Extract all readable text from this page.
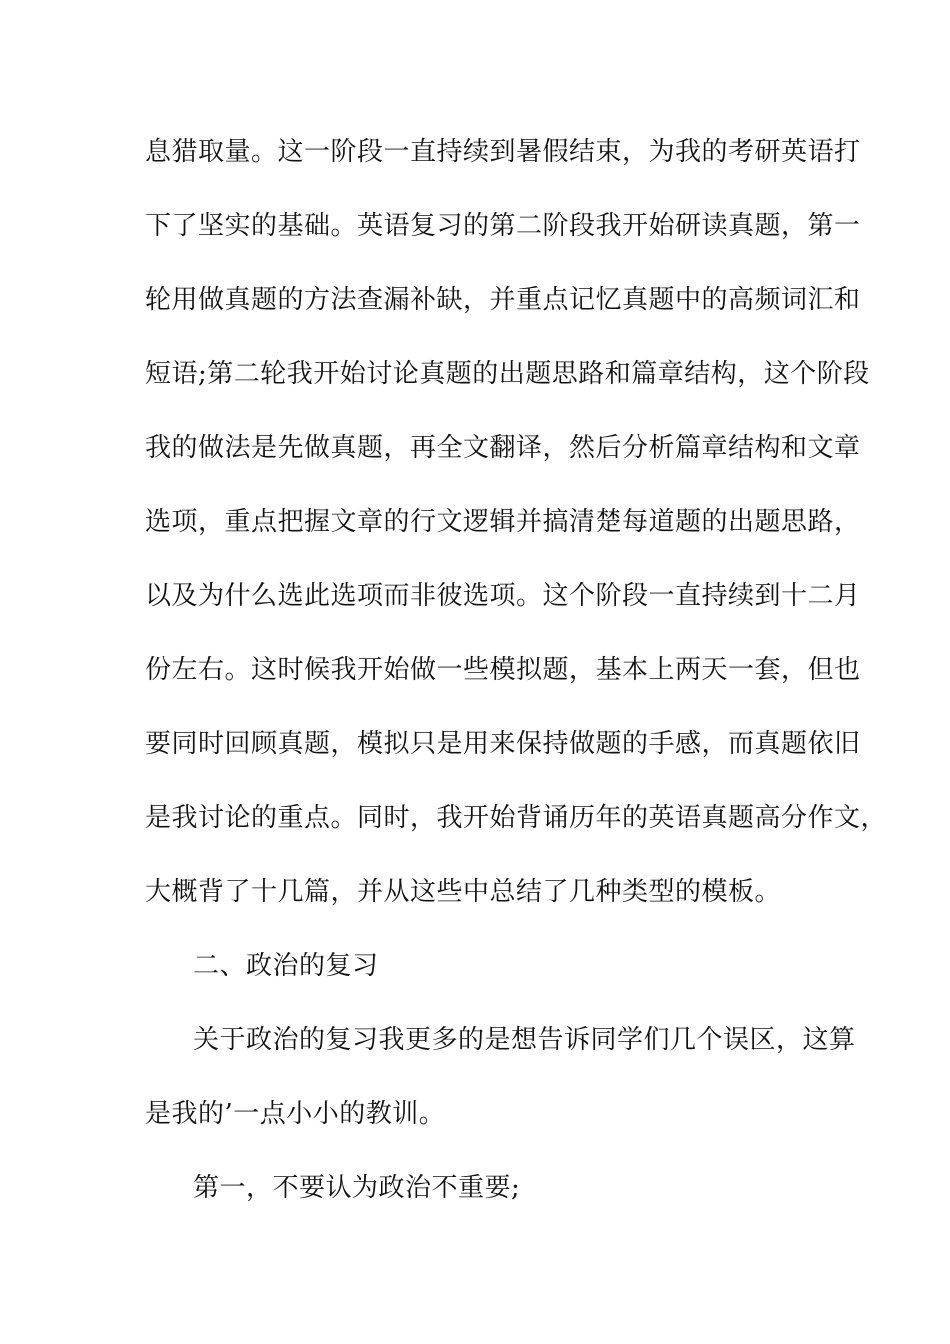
息猎取量。这一阶段一直持续到暑假结束，为我的考研英语打
下了坚实的基础。英语复习的第二阶段我开始研读真题，第一
轮用做真题的方法查漏补缺，并重点记忆真题中的高频词汇和
短语;第二轮我开始讨论真题的出题思路和篇章结构，这个阶段
我的做法是先做真题，再全文翻译，然后分析篇章结构和文章
选项，重点把握文章的行文逻辑并搞清楚每道题的出题思路，
以及为什么选此选项而非彼选项。这个阶段一直持续到十二月
份左右。这时候我开始做一些模拟题，基本上两天一套，但也
要同时回顾真题，模拟只是用来保持做题的手感，而真题依旧
是我讨论的重点。同时，我开始背诵历年的英语真题高分作文，
大概背了十几篇，并从这些中总结了几种类型的模板。
二、政治的复习
关于政治的复习我更多的是想告诉同学们几个误区，这算
是我的’一点小小的教训。
第一，不要认为政治不重要;
